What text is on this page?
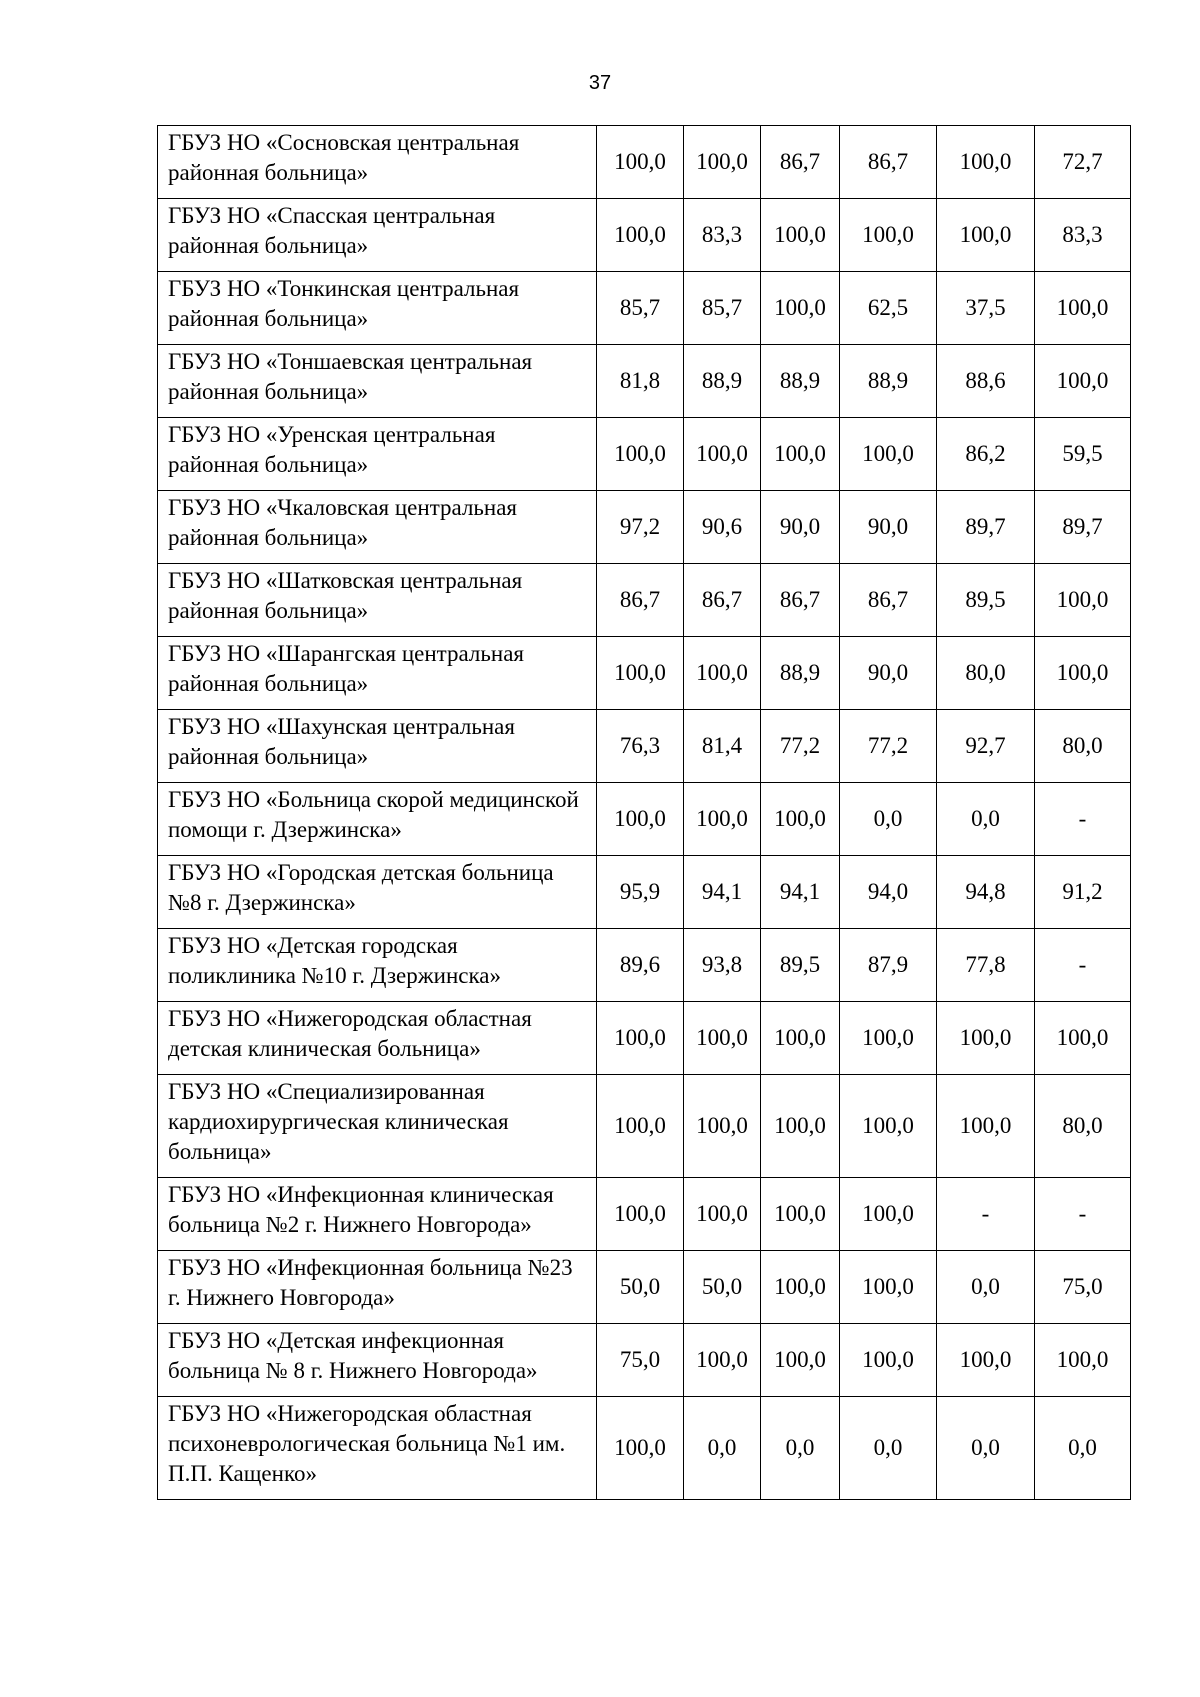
37
ГБУЗ НО «Сосновская центральная районная больница»	100,0	100,0	86,7	86,7	100,0	72,7
ГБУЗ НО «Спасская центральная районная больница»	100,0	83,3	100,0	100,0	100,0	83,3
ГБУЗ НО «Тонкинская центральная районная больница»	85,7	85,7	100,0	62,5	37,5	100,0
ГБУЗ НО «Тоншаевская центральная районная больница»	81,8	88,9	88,9	88,9	88,6	100,0
ГБУЗ НО «Уренская центральная районная больница»	100,0	100,0	100,0	100,0	86,2	59,5
ГБУЗ НО «Чкаловская центральная районная больница»	97,2	90,6	90,0	90,0	89,7	89,7
ГБУЗ НО «Шатковская центральная районная больница»	86,7	86,7	86,7	86,7	89,5	100,0
ГБУЗ НО «Шарангская центральная районная больница»	100,0	100,0	88,9	90,0	80,0	100,0
ГБУЗ НО «Шахунская центральная районная больница»	76,3	81,4	77,2	77,2	92,7	80,0
ГБУЗ НО «Больница скорой медицинской помощи г. Дзержинска»	100,0	100,0	100,0	0,0	0,0	-
ГБУЗ НО «Городская детская больница №8 г. Дзержинска»	95,9	94,1	94,1	94,0	94,8	91,2
ГБУЗ НО «Детская городская поликлиника №10 г. Дзержинска»	89,6	93,8	89,5	87,9	77,8	-
ГБУЗ НО «Нижегородская областная детская клиническая больница»	100,0	100,0	100,0	100,0	100,0	100,0
ГБУЗ НО «Специализированная кардиохирургическая клиническая больница»	100,0	100,0	100,0	100,0	100,0	80,0
ГБУЗ НО «Инфекционная клиническая больница №2 г. Нижнего Новгорода»	100,0	100,0	100,0	100,0	-	-
ГБУЗ НО «Инфекционная больница №23 г. Нижнего Новгорода»	50,0	50,0	100,0	100,0	0,0	75,0
ГБУЗ НО «Детская инфекционная больница № 8 г. Нижнего Новгорода»	75,0	100,0	100,0	100,0	100,0	100,0
ГБУЗ НО «Нижегородская областная психоневрологическая больница №1 им. П.П. Кащенко»	100,0	0,0	0,0	0,0	0,0	0,0
